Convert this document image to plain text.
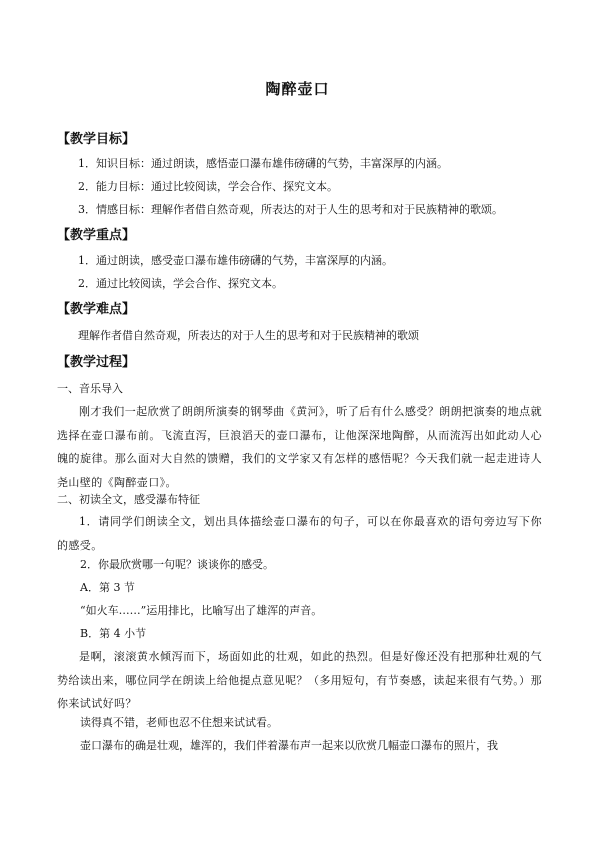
陶醉壶口
【教学目标】
1．知识目标：通过朗读，感悟壶口瀑布雄伟磅礴的气势，丰富深厚的内涵。
2．能力目标：通过比较阅读，学会合作、探究文本。
3．情感目标：理解作者借自然奇观，所表达的对于人生的思考和对于民族精神的歌颂。
【教学重点】
1．通过朗读，感受壶口瀑布雄伟磅礴的气势，丰富深厚的内涵。
2．通过比较阅读，学会合作、探究文本。
【教学难点】
理解作者借自然奇观，所表达的对于人生的思考和对于民族精神的歌颂
【教学过程】
一、音乐导入
刚才我们一起欣赏了朗朗所演奏的钢琴曲《黄河》，听了后有什么感受？朗朗把演奏的地点就选择在壶口瀑布前。飞流直泻，巨浪滔天的壶口瀑布，让他深深地陶醉，从而流泻出如此动人心魄的旋律。那么面对大自然的馈赠，我们的文学家又有怎样的感悟呢？今天我们就一起走进诗人尧山壁的《陶醉壶口》。
二、初读全文，感受瀑布特征
1．请同学们朗读全文，划出具体描绘壶口瀑布的句子，可以在你最喜欢的语句旁边写下你的感受。
2．你最欣赏哪一句呢？谈谈你的感受。
A．第 3 节
“如火车……”运用排比，比喻写出了雄浑的声音。
B．第 4 小节
是啊，滚滚黄水倾泻而下，场面如此的壮观，如此的热烈。但是好像还没有把那种壮观的气势给读出来，哪位同学在朗读上给他提点意见呢？（多用短句，有节奏感，读起来很有气势。）那你来试试好吗？
读得真不错，老师也忍不住想来试试看。
壶口瀑布的确是壮观，雄浑的，我们伴着瀑布声一起来以欣赏几幅壶口瀑布的照片，我
